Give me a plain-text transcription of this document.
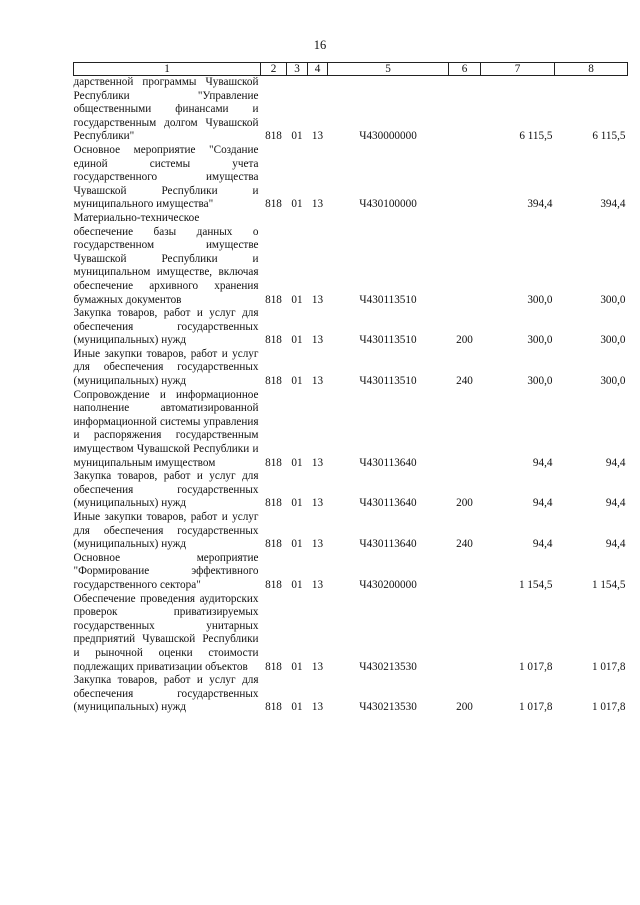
16
1	2	3	4	5	6	7	8
дарственной программы Чувашской Республики "Управление общественными финансами и государственным долгом Чувашской Республики"	818	01	13	Ч430000000		6 115,5	6 115,5
Основное мероприятие "Создание единой системы учета государственного имущества Чувашской Республики и муниципального имущества"	818	01	13	Ч430100000		394,4	394,4
Материально-техническое обеспечение базы данных о государственном имуществе Чувашской Республики и муниципальном имуществе, включая обеспечение архивного хранения бумажных документов	818	01	13	Ч430113510		300,0	300,0
Закупка товаров, работ и услуг для обеспечения государственных (муниципальных) нужд	818	01	13	Ч430113510	200	300,0	300,0
Иные закупки товаров, работ и услуг для обеспечения государственных (муниципальных) нужд	818	01	13	Ч430113510	240	300,0	300,0
Сопровождение и информационное наполнение автоматизированной информационной системы управления и распоряжения государственным имуществом Чувашской Республики и муниципальным имуществом	818	01	13	Ч430113640		94,4	94,4
Закупка товаров, работ и услуг для обеспечения государственных (муниципальных) нужд	818	01	13	Ч430113640	200	94,4	94,4
Иные закупки товаров, работ и услуг для обеспечения государственных (муниципальных) нужд	818	01	13	Ч430113640	240	94,4	94,4
Основное мероприятие "Формирование эффективного государственного сектора"	818	01	13	Ч430200000		1 154,5	1 154,5
Обеспечение проведения аудиторских проверок приватизируемых государственных унитарных предприятий Чувашской Республики и рыночной оценки стоимости подлежащих приватизации объектов	818	01	13	Ч430213530		1 017,8	1 017,8
Закупка товаров, работ и услуг для обеспечения государственных (муниципальных) нужд	818	01	13	Ч430213530	200	1 017,8	1 017,8
